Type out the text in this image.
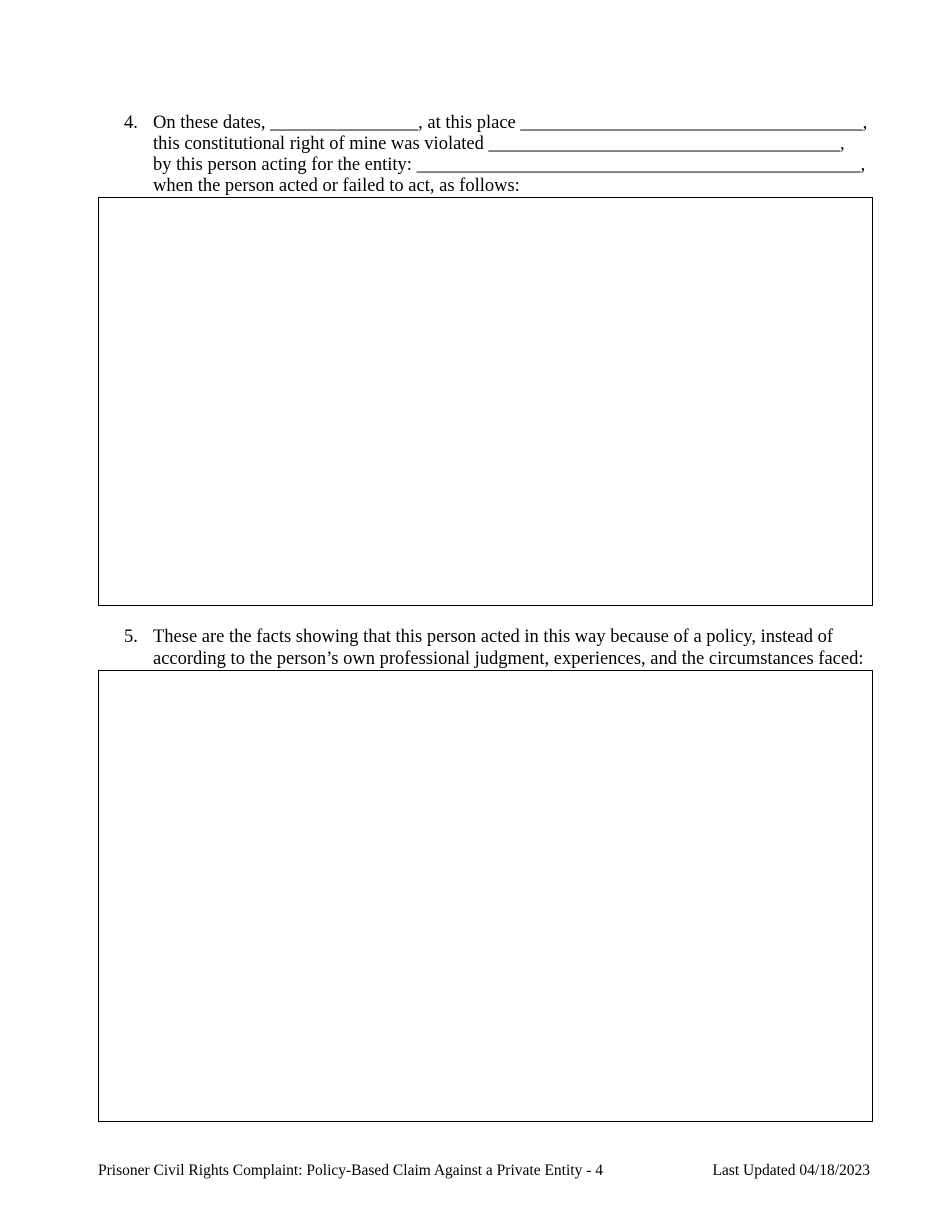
4. On these dates, ________________, at this place _____________________________________,
this constitutional right of mine was violated ______________________________________,
by this person acting for the entity: ________________________________________________,
when the person acted or failed to act, as follows:
5. These are the facts showing that this person acted in this way because of a policy, instead of
according to the person’s own professional judgment, experiences, and the circumstances faced:
Prisoner Civil Rights Complaint: Policy-Based Claim Against a Private Entity - 4	Last Updated 04/18/2023
